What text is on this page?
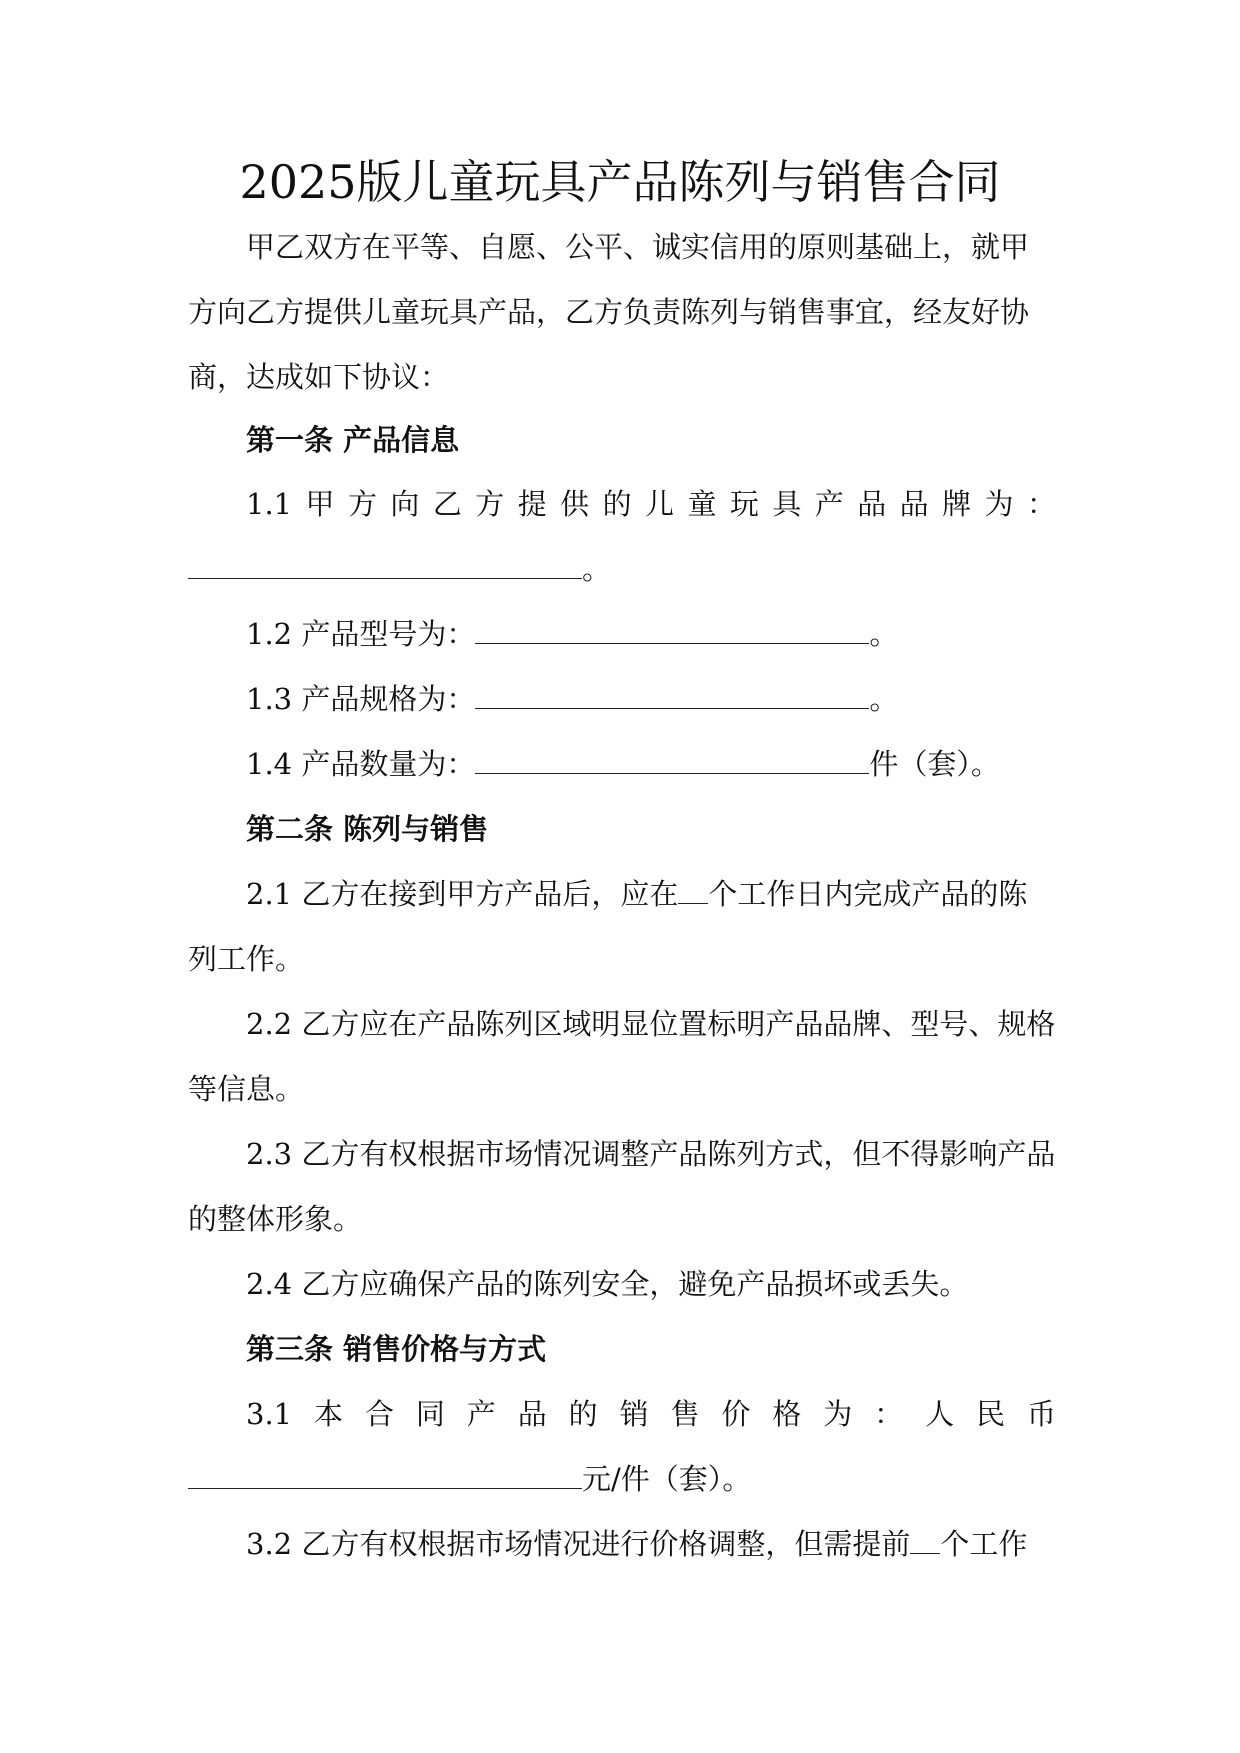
2025版儿童玩具产品陈列与销售合同

甲乙双方在平等、自愿、公平、诚实信用的原则基础上，就甲方向乙方提供儿童玩具产品，乙方负责陈列与销售事宜，经友好协商，达成如下协议：

第一条 产品信息

1.1 甲 方 向 乙 方 提 供 的 儿 童 玩 具 产 品 品 牌 为 ：

。

1.2 产品型号为：	。

1.3 产品规格为：	。

1.4 产品数量为：	件（套）。

第二条 陈列与销售

2.1 乙方在接到甲方产品后，应在 个工作日内完成产品的陈列工作。

2.2 乙方应在产品陈列区域明显位置标明产品品牌、型号、规格等信息。

2.3 乙方有权根据市场情况调整产品陈列方式，但不得影响产品的整体形象。

2.4 乙方应确保产品的陈列安全，避免产品损坏或丢失。

第三条 销售价格与方式

3.1 本 合 同 产 品 的 销 售 价 格 为 ： 人 民 币

元/件（套）。

3.2 乙方有权根据市场情况进行价格调整，但需提前 个工作
